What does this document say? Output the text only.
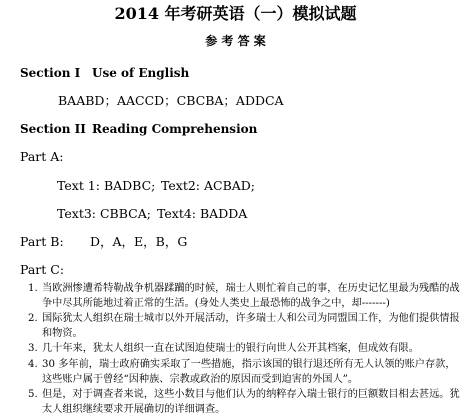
2014 年考研英语（一）模拟试题
参 考 答 案
Section I Use of English
BAABD；AACCD；CBCBA；ADDCA
Section II Reading Comprehension
Part A:
Text 1: BADBC; Text2: ACBAD;
Text3: CBBCA; Text4: BADDA
Part B: D，A，E，B，G
Part C:
1. 当欧洲惨遭希特勒战争机器蹂躏的时候，瑞士人则忙着自己的事，在历史记忆里最为残酷的战争中尽其所能地过着正常的生活。(身处人类史上最恐怖的战争之中，却-------)
2. 国际犹太人组织在瑞士城市以外开展活动，许多瑞士人和公司为同盟国工作，为他们提供情报和物资。
3. 几十年来，犹太人组织一直在试图迫使瑞士的银行向世人公开其档案，但成效有限。
4. 30 多年前，瑞士政府确实采取了一些措施，指示该国的银行退还所有无人认领的账户存款，这些账户属于曾经“因种族、宗教或政治的原因而受到迫害的外国人”。
5. 但是，对于调查者来说，这些小数目与他们认为的纳粹存入瑞士银行的巨额数目相去甚远。犹太人组织继续要求开展确切的详细调查。
